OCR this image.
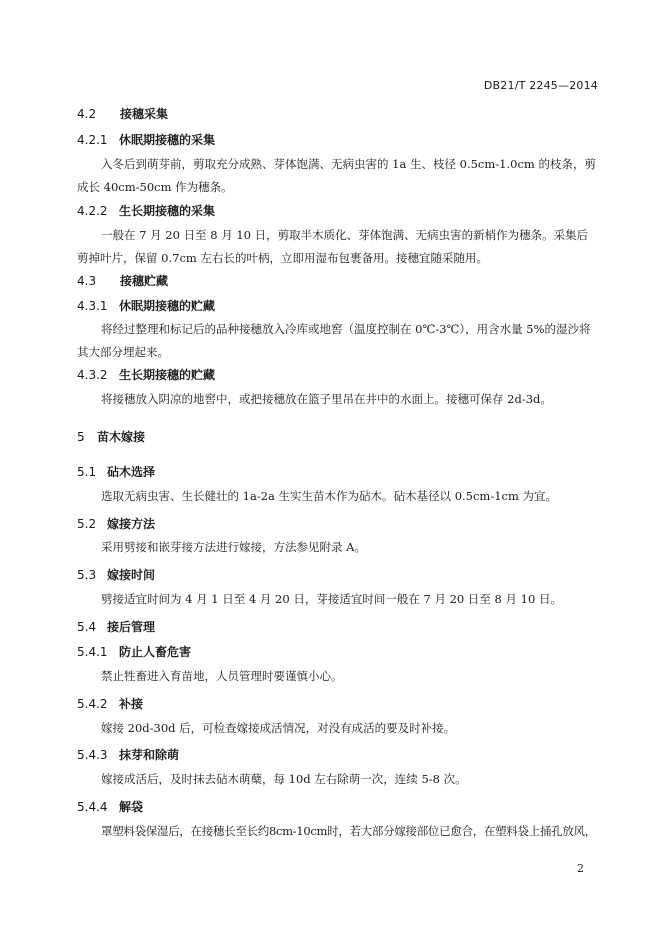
DB21/T 2245—2014
4.2 接穗采集
4.2.1 休眠期接穗的采集
入冬后到萌芽前，剪取充分成熟、芽体饱满、无病虫害的 1a 生、枝径 0.5cm-1.0cm 的枝条，剪成长 40cm-50cm 作为穗条。
4.2.2 生长期接穗的采集
一般在 7 月 20 日至 8 月 10 日，剪取半木质化、芽体饱满、无病虫害的新梢作为穗条。采集后剪掉叶片，保留 0.7cm 左右长的叶柄，立即用湿布包裹备用。接穗宜随采随用。
4.3 接穗贮藏
4.3.1 休眠期接穗的贮藏
将经过整理和标记后的品种接穗放入冷库或地窖（温度控制在 0℃-3℃），用含水量 5%的湿沙将其大部分埋起来。
4.3.2 生长期接穗的贮藏
将接穗放入阴凉的地窖中，或把接穗放在篮子里吊在井中的水面上。接穗可保存 2d-3d。
5 苗木嫁接
5.1 砧木选择
选取无病虫害、生长健壮的 1a-2a 生实生苗木作为砧木。砧木基径以 0.5cm-1cm 为宜。
5.2 嫁接方法
采用劈接和嵌芽接方法进行嫁接，方法参见附录 A。
5.3 嫁接时间
劈接适宜时间为 4 月 1 日至 4 月 20 日，芽接适宜时间一般在 7 月 20 日至 8 月 10 日。
5.4 接后管理
5.4.1 防止人畜危害
禁止牲畜进入育苗地，人员管理时要谨慎小心。
5.4.2 补接
嫁接 20d-30d 后，可检查嫁接成活情况，对没有成活的要及时补接。
5.4.3 抹芽和除萌
嫁接成活后，及时抹去砧木萌蘖，每 10d 左右除萌一次，连续 5-8 次。
5.4.4 解袋
罩塑料袋保湿后，在接穗长至长约8cm-10cm时，若大部分嫁接部位已愈合，在塑料袋上捅孔放风，
2
